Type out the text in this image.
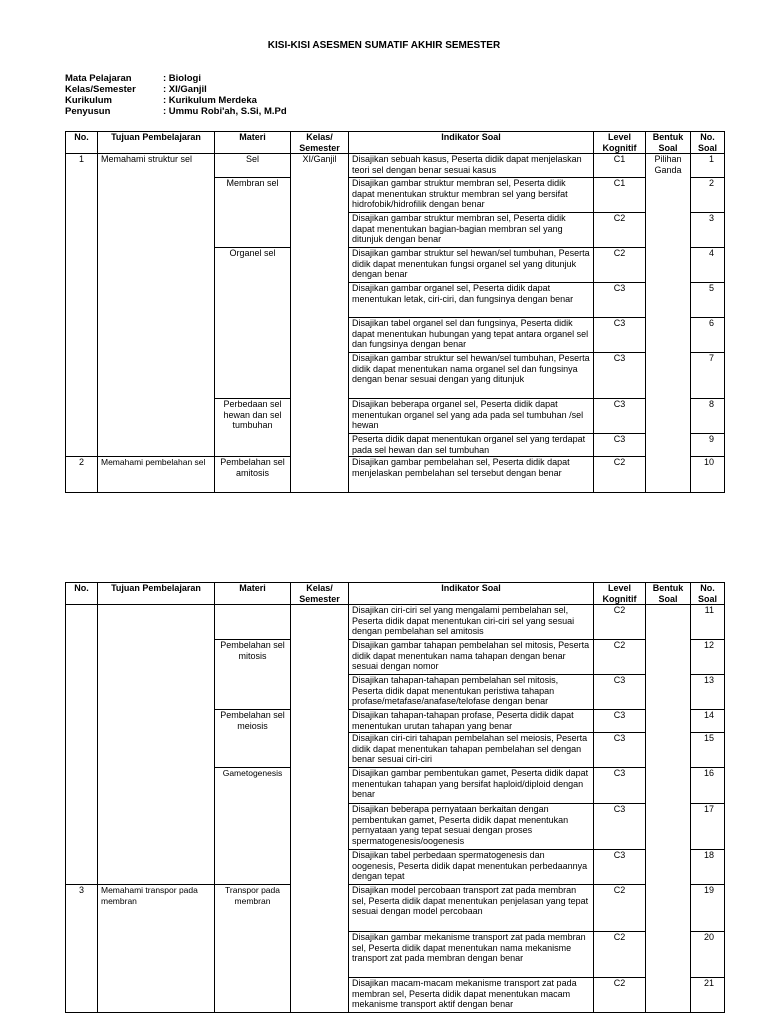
KISI-KISI ASESMEN SUMATIF AKHIR SEMESTER
Mata Pelajaran	: Biologi
Kelas/Semester	: XI/Ganjil
Kurikulum	: Kurikulum Merdeka
Penyusun	: Ummu Robi'ah, S.Si, M.Pd
No.	Tujuan Pembelajaran	Materi	Kelas/ Semester	Indikator Soal	Level Kognitif	Bentuk Soal	No. Soal
1	Memahami struktur sel	Sel	XI/Ganjil	Disajikan sebuah kasus, Peserta didik dapat menjelaskan teori sel dengan benar sesuai kasus	C1	Pilihan Ganda	1
		Membran sel		Disajikan gambar struktur membran sel, Peserta didik dapat menentukan struktur membran sel yang bersifat hidrofobik/hidrofilik dengan benar	C1		2
				Disajikan gambar struktur membran sel, Peserta didik dapat menentukan bagian-bagian membran sel yang ditunjuk dengan benar	C2		3
		Organel sel		Disajikan gambar struktur sel hewan/sel tumbuhan, Peserta didik dapat menentukan fungsi organel sel yang ditunjuk dengan benar	C2		4
				Disajikan gambar organel sel, Peserta didik dapat menentukan letak, ciri-ciri, dan fungsinya dengan benar	C3		5
				Disajikan tabel organel sel dan fungsinya, Peserta didik dapat menentukan hubungan yang tepat antara organel sel dan fungsinya dengan benar	C3		6
				Disajikan gambar struktur sel hewan/sel tumbuhan, Peserta didik dapat menentukan nama organel sel dan fungsinya dengan benar sesuai dengan yang ditunjuk	C3		7
		Perbedaan sel hewan dan sel tumbuhan		Disajikan beberapa organel sel, Peserta didik dapat menentukan organel sel yang ada pada sel tumbuhan /sel hewan	C3		8
				Peserta didik dapat menentukan organel sel yang terdapat pada sel hewan dan sel tumbuhan	C3		9
2	Memahami pembelahan sel	Pembelahan sel amitosis		Disajikan gambar pembelahan sel, Peserta didik dapat menjelaskan pembelahan sel tersebut dengan benar	C2		10
No.	Tujuan Pembelajaran	Materi	Kelas/ Semester	Indikator Soal	Level Kognitif	Bentuk Soal	No. Soal
				Disajikan ciri-ciri sel yang mengalami pembelahan sel, Peserta didik dapat menentukan ciri-ciri sel yang sesuai dengan pembelahan sel amitosis	C2		11
		Pembelahan sel mitosis		Disajikan gambar tahapan pembelahan sel mitosis, Peserta didik dapat menentukan nama tahapan dengan benar sesuai dengan nomor	C2		12
				Disajikan tahapan-tahapan pembelahan sel mitosis, Peserta didik dapat menentukan peristiwa tahapan profase/metafase/anafase/telofase dengan benar	C3		13
		Pembelahan sel meiosis		Disajikan tahapan-tahapan profase, Peserta didik dapat menentukan urutan tahapan yang benar	C3		14
				Disajikan ciri-ciri tahapan pembelahan sel meiosis, Peserta didik dapat menentukan tahapan pembelahan sel dengan benar sesuai ciri-ciri	C3		15
		Gametogenesis		Disajikan gambar pembentukan gamet, Peserta didik dapat menentukan tahapan yang bersifat haploid/diploid dengan benar	C3		16
				Disajikan beberapa pernyataan berkaitan dengan pembentukan gamet, Peserta didik dapat menentukan pernyataan yang tepat sesuai dengan proses spermatogenesis/oogenesis	C3		17
				Disajikan tabel perbedaan spermatogenesis dan oogenesis, Peserta didik dapat menentukan perbedaannya dengan tepat	C3		18
3	Memahami transpor pada membran	Transpor pada membran		Disajikan model percobaan transport zat pada membran sel, Peserta didik dapat menentukan penjelasan yang tepat sesuai dengan model percobaan	C2		19
				Disajikan gambar mekanisme transport zat pada membran sel, Peserta didik dapat menentukan nama mekanisme transport zat pada membran dengan benar	C2		20
				Disajikan macam-macam mekanisme transport zat pada membran sel, Peserta didik dapat menentukan macam mekanisme transport aktif dengan benar	C2		21
